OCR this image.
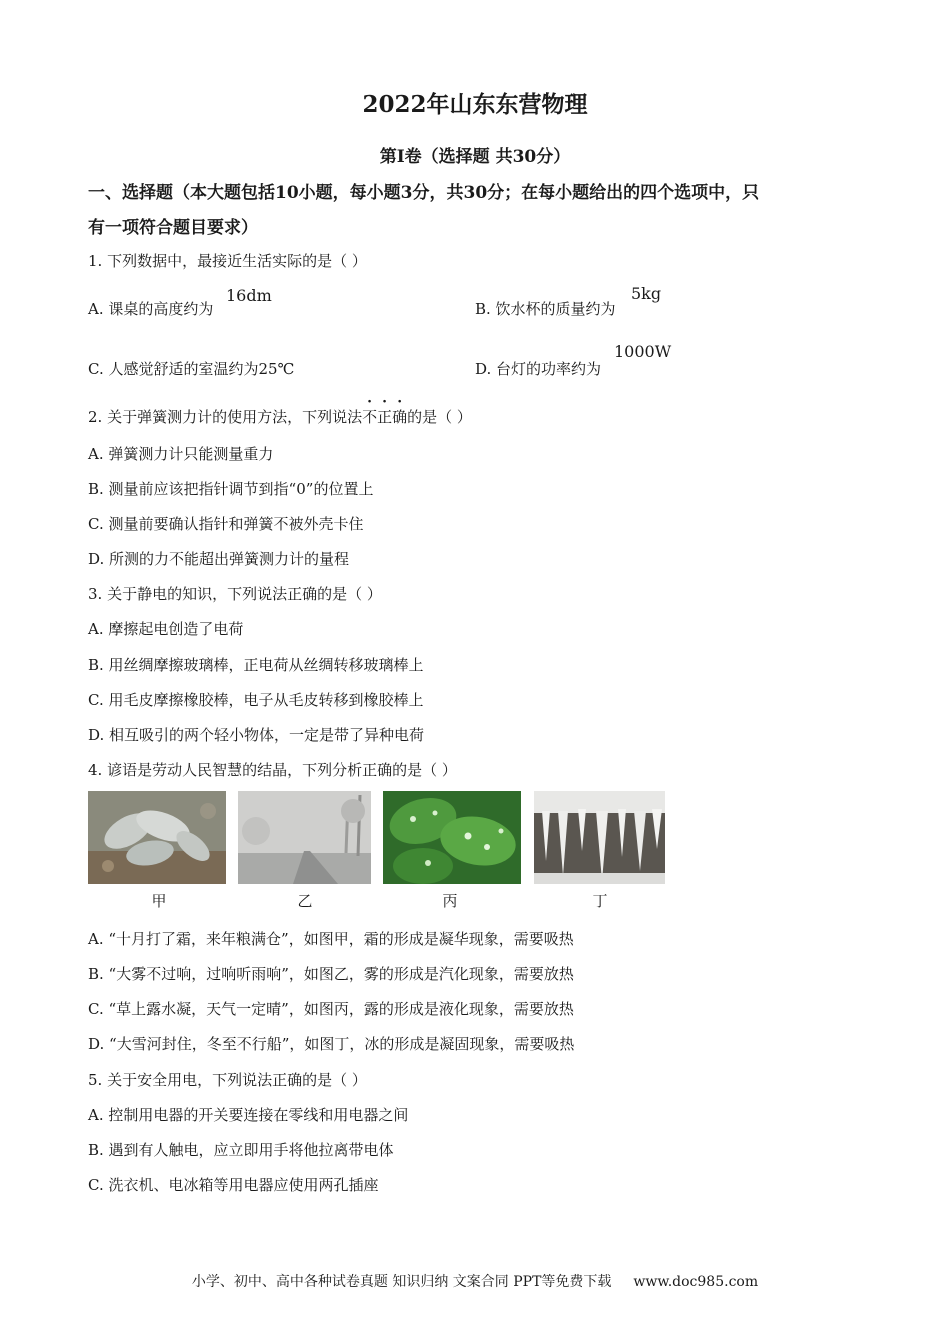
2022年山东东营物理
第Ⅰ卷（选择题 共30分）
一、选择题（本大题包括10小题，每小题3分，共30分；在每小题给出的四个选项中，只
有一项符合题目要求）
1. 下列数据中，最接近生活实际的是（ ）
A. 课桌的高度约为
16dm
B. 饮水杯的质量约为
5kg
C. 人感觉舒适的室温约为25℃	D. 台灯的功率约为
1000W
2. 关于弹簧测力计的使用方法，下列说法不正确的是（ ）
A. 弹簧测力计只能测量重力
B. 测量前应该把指针调节到指“0”的位置上
C. 测量前要确认指针和弹簧不被外壳卡住
D. 所测的力不能超出弹簧测力计的量程
3. 关于静电的知识，下列说法正确的是（ ）
A. 摩擦起电创造了电荷
B. 用丝绸摩擦玻璃棒，正电荷从丝绸转移玻璃棒上
C. 用毛皮摩擦橡胶棒，电子从毛皮转移到橡胶棒上
D. 相互吸引的两个轻小物体，一定是带了异种电荷
4. 谚语是劳动人民智慧的结晶，下列分析正确的是（ ）
甲	乙	丙	丁
A. “十月打了霜，来年粮满仓”，如图甲，霜的形成是凝华现象，需要吸热
B. “大雾不过响，过响听雨响”，如图乙，雾的形成是汽化现象，需要放热
C. “草上露水凝，天气一定晴”，如图丙，露的形成是液化现象，需要放热
D. “大雪河封住，冬至不行船”，如图丁，冰的形成是凝固现象，需要吸热
5. 关于安全用电，下列说法正确的是（ ）
A. 控制用电器的开关要连接在零线和用电器之间
B. 遇到有人触电，应立即用手将他拉离带电体
C. 洗衣机、电冰箱等用电器应使用两孔插座
小学、初中、高中各种试卷真题 知识归纳 文案合同 PPT等免费下载 www.doc985.com
